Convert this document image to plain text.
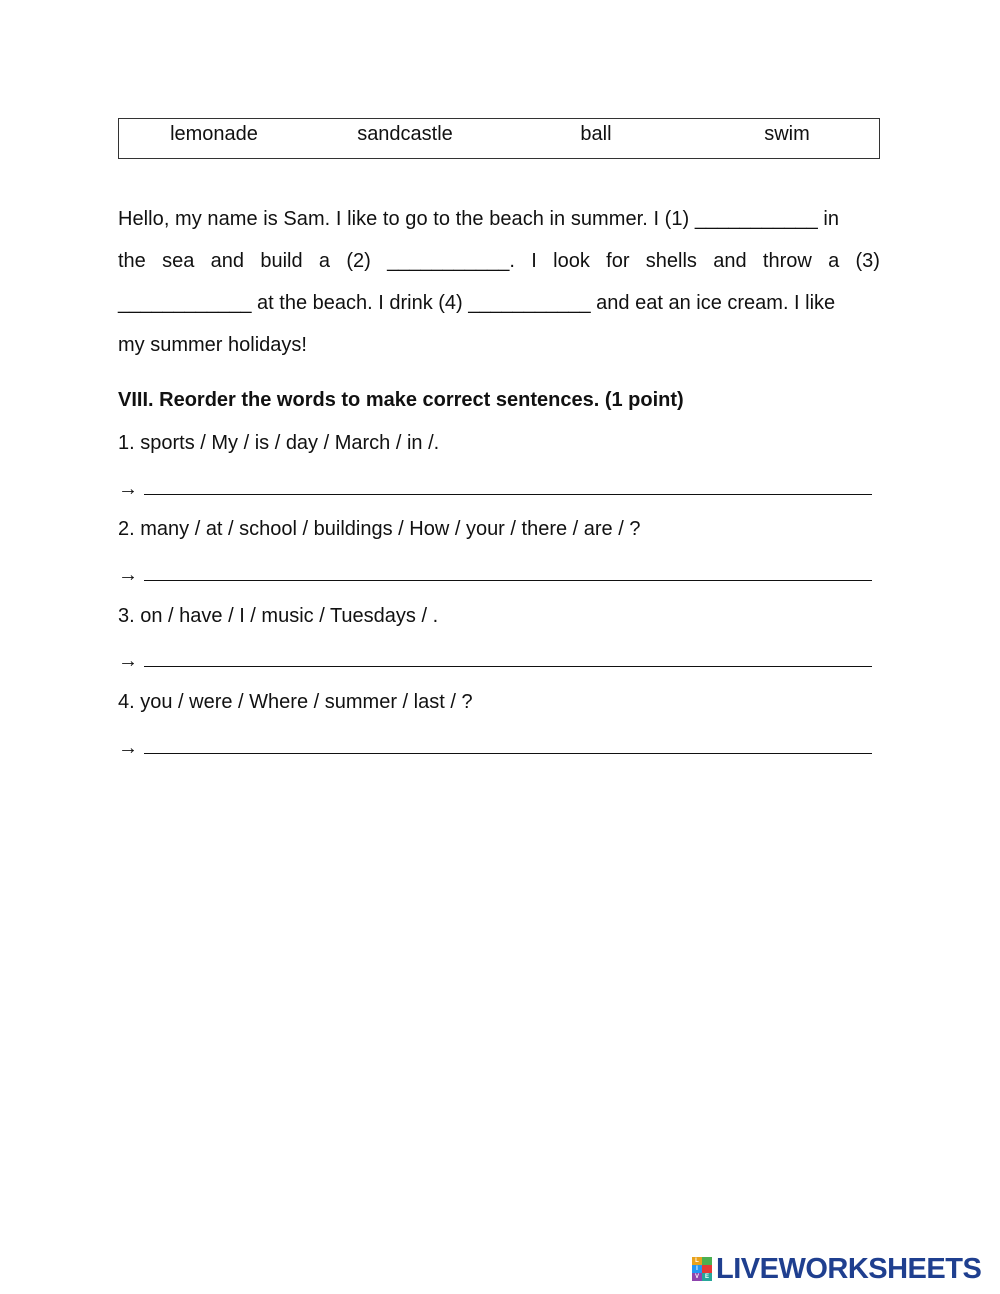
lemonade	sandcastle	ball	swim
Hello, my name is Sam. I like to go to the beach in summer. I (1) ___________ in
the sea and build a (2) ___________. I look for shells and throw a (3)
____________ at the beach. I drink (4) ___________ and eat an ice cream. I like
my summer holidays!
VIII. Reorder the words to make correct sentences. (1 point)
1. sports / My / is / day / March / in /.
→
2. many / at / school / buildings / How / your / there / are / ?
→
3. on / have / I / music / Tuesdays / .
→
4. you / were / Where / summer / last / ?
→
L
I
V E LIVEWORKSHEETS
